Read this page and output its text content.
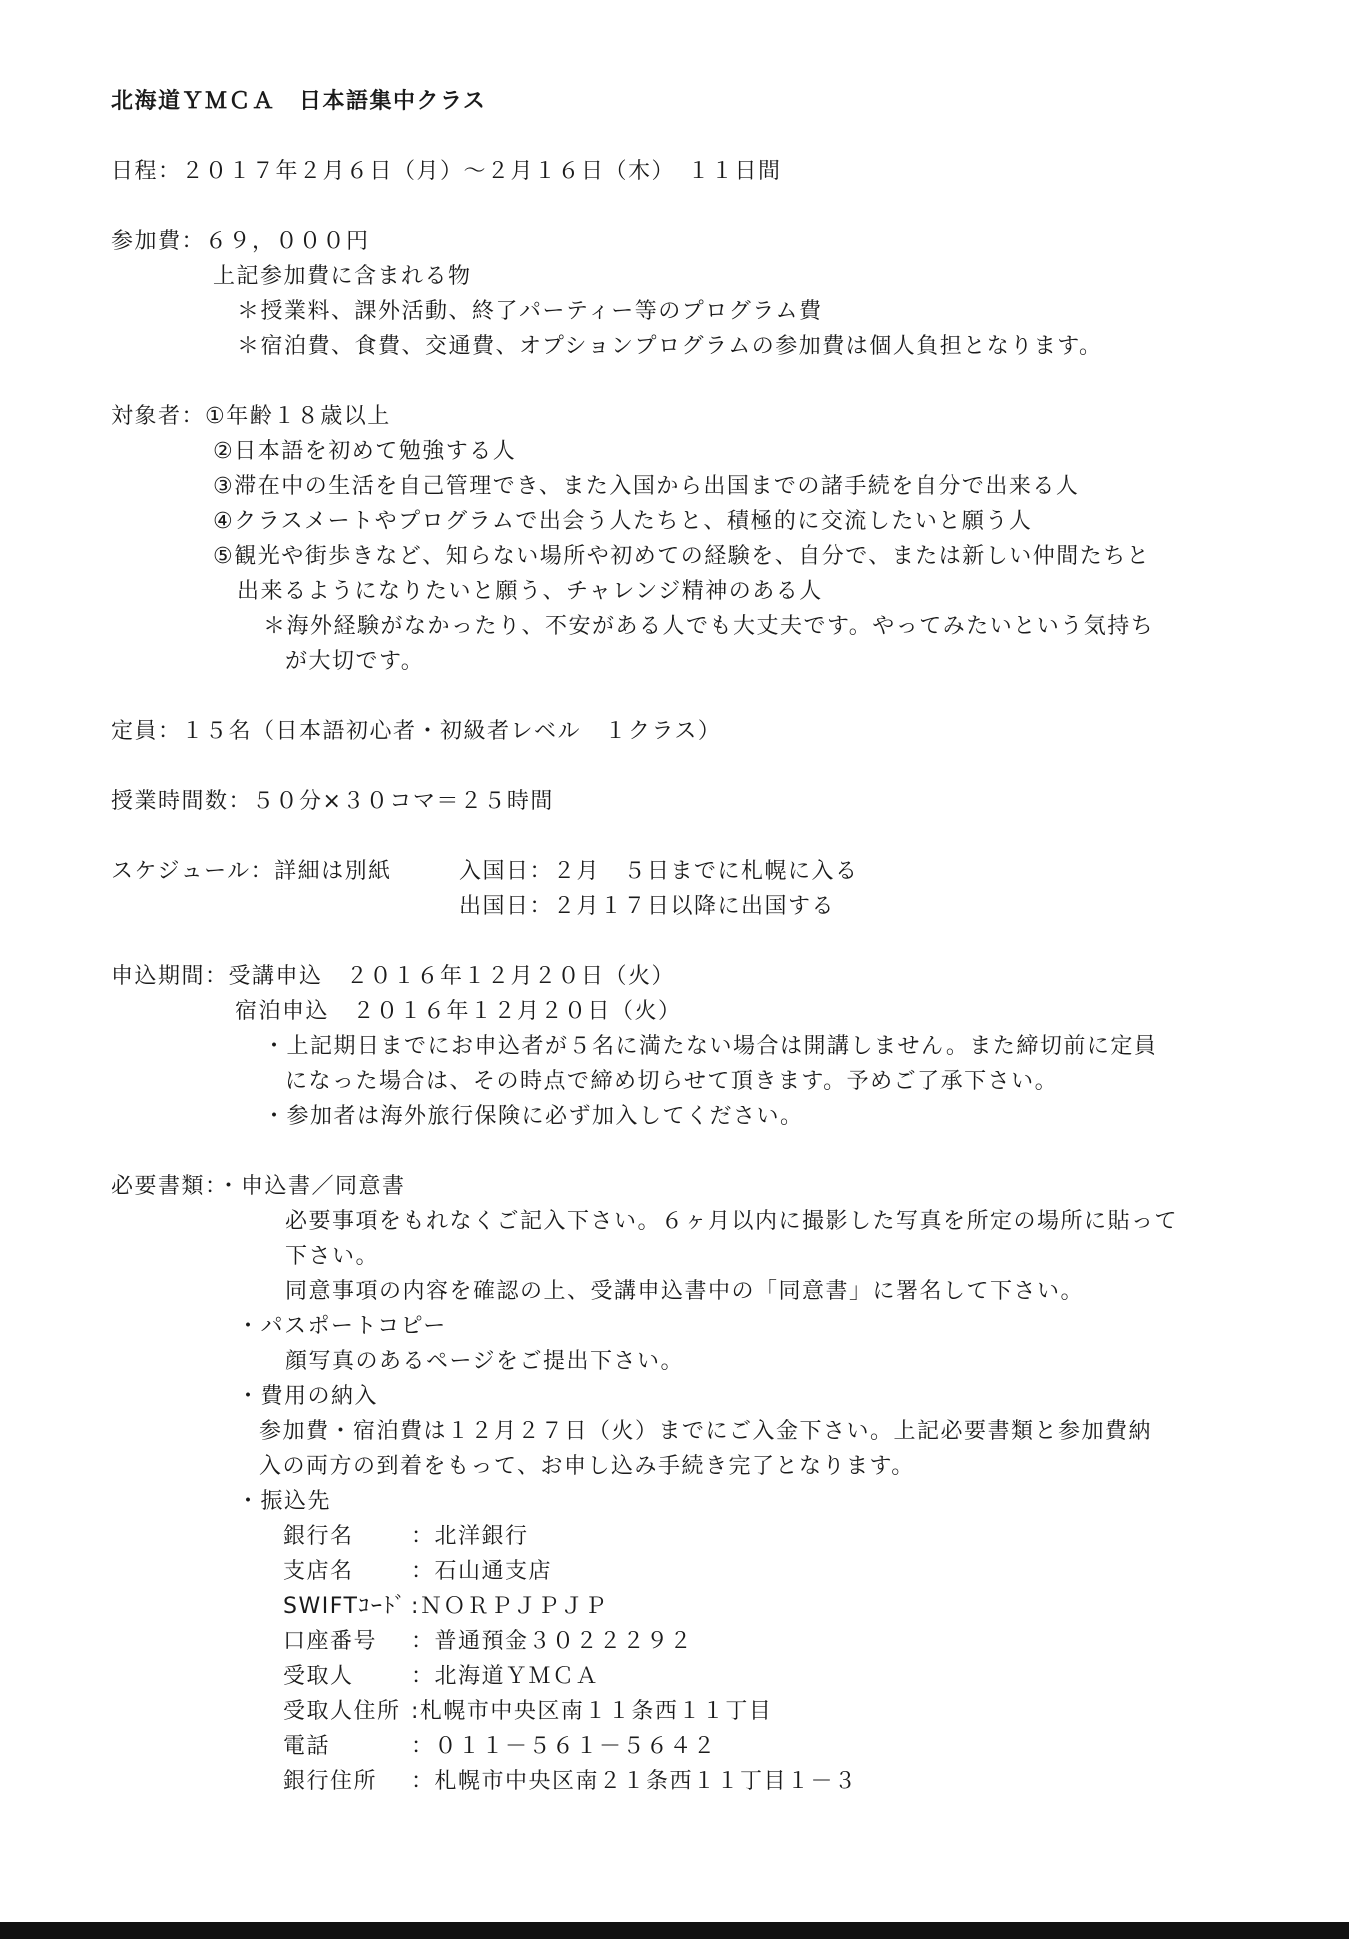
北海道ＹＭＣＡ　日本語集中クラス
日程：２０１７年２月６日（月）～２月１６日（木）　１１日間
参加費：６９，０００円
上記参加費に含まれる物
＊授業料、課外活動、終了パーティー等のプログラム費
＊宿泊費、食費、交通費、オプションプログラムの参加費は個人負担となります。
対象者：①年齢１８歳以上
②日本語を初めて勉強する人
③滞在中の生活を自己管理でき、また入国から出国までの諸手続を自分で出来る人
④クラスメートやプログラムで出会う人たちと、積極的に交流したいと願う人
⑤観光や街歩きなど、知らない場所や初めての経験を、自分で、または新しい仲間たちと
出来るようになりたいと願う、チャレンジ精神のある人
＊海外経験がなかったり、不安がある人でも大丈夫です。やってみたいという気持ち
が大切です。
定員：１５名（日本語初心者・初級者レベル　１クラス）
授業時間数：５０分×３０コマ＝２５時間
スケジュール：詳細は別紙	入国日：２月　５日までに札幌に入る
出国日：２月１７日以降に出国する
申込期間：受講申込　２０１６年１２月２０日（火）
宿泊申込　２０１６年１２月２０日（火）
・上記期日までにお申込者が５名に満たない場合は開講しません。また締切前に定員
になった場合は、その時点で締め切らせて頂きます。予めご了承下さい。
・参加者は海外旅行保険に必ず加入してください。
必要書類：・申込書／同意書
必要事項をもれなくご記入下さい。６ヶ月以内に撮影した写真を所定の場所に貼って
下さい。
同意事項の内容を確認の上、受講申込書中の「同意書」に署名して下さい。
・パスポートコピー
顔写真のあるページをご提出下さい。
・費用の納入
参加費・宿泊費は１２月２７日（火）までにご入金下さい。上記必要書類と参加費納
入の両方の到着をもって、お申し込み手続き完了となります。
・振込先
銀行名	：北洋銀行
支店名	：石山通支店
SWIFTｺｰﾄﾞ :ＮＯＲＰＪＰＪＰ
口座番号 ：普通預金３０２２２９２
受取人	：北海道ＹＭＣＡ
受取人住所 :札幌市中央区南１１条西１１丁目
電話	：０１１－５６１－５６４２
銀行住所 ：札幌市中央区南２１条西１１丁目１－３
